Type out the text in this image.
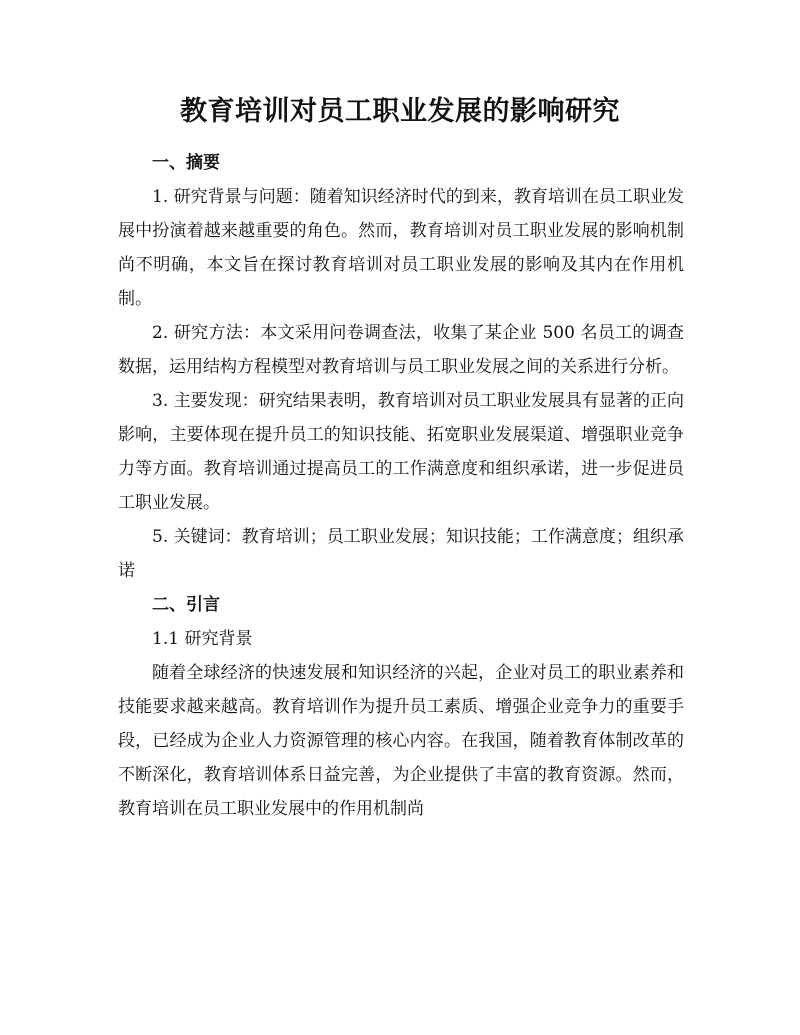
教育培训对员工职业发展的影响研究

一、摘要

1. 研究背景与问题：随着知识经济时代的到来，教育培训在员工职业发展中扮演着越来越重要的角色。然而，教育培训对员工职业发展的影响机制尚不明确，本文旨在探讨教育培训对员工职业发展的影响及其内在作用机制。

2. 研究方法：本文采用问卷调查法，收集了某企业 500 名员工的调查数据，运用结构方程模型对教育培训与员工职业发展之间的关系进行分析。

3. 主要发现：研究结果表明，教育培训对员工职业发展具有显著的正向影响，主要体现在提升员工的知识技能、拓宽职业发展渠道、增强职业竞争力等方面。教育培训通过提高员工的工作满意度和组织承诺，进一步促进员工职业发展。

5. 关键词：教育培训；员工职业发展；知识技能；工作满意度；组织承诺

二、引言

1.1 研究背景

随着全球经济的快速发展和知识经济的兴起，企业对员工的职业素养和技能要求越来越高。教育培训作为提升员工素质、增强企业竞争力的重要手段，已经成为企业人力资源管理的核心内容。在我国，随着教育体制改革的不断深化，教育培训体系日益完善，为企业提供了丰富的教育资源。然而，教育培训在员工职业发展中的作用机制尚
